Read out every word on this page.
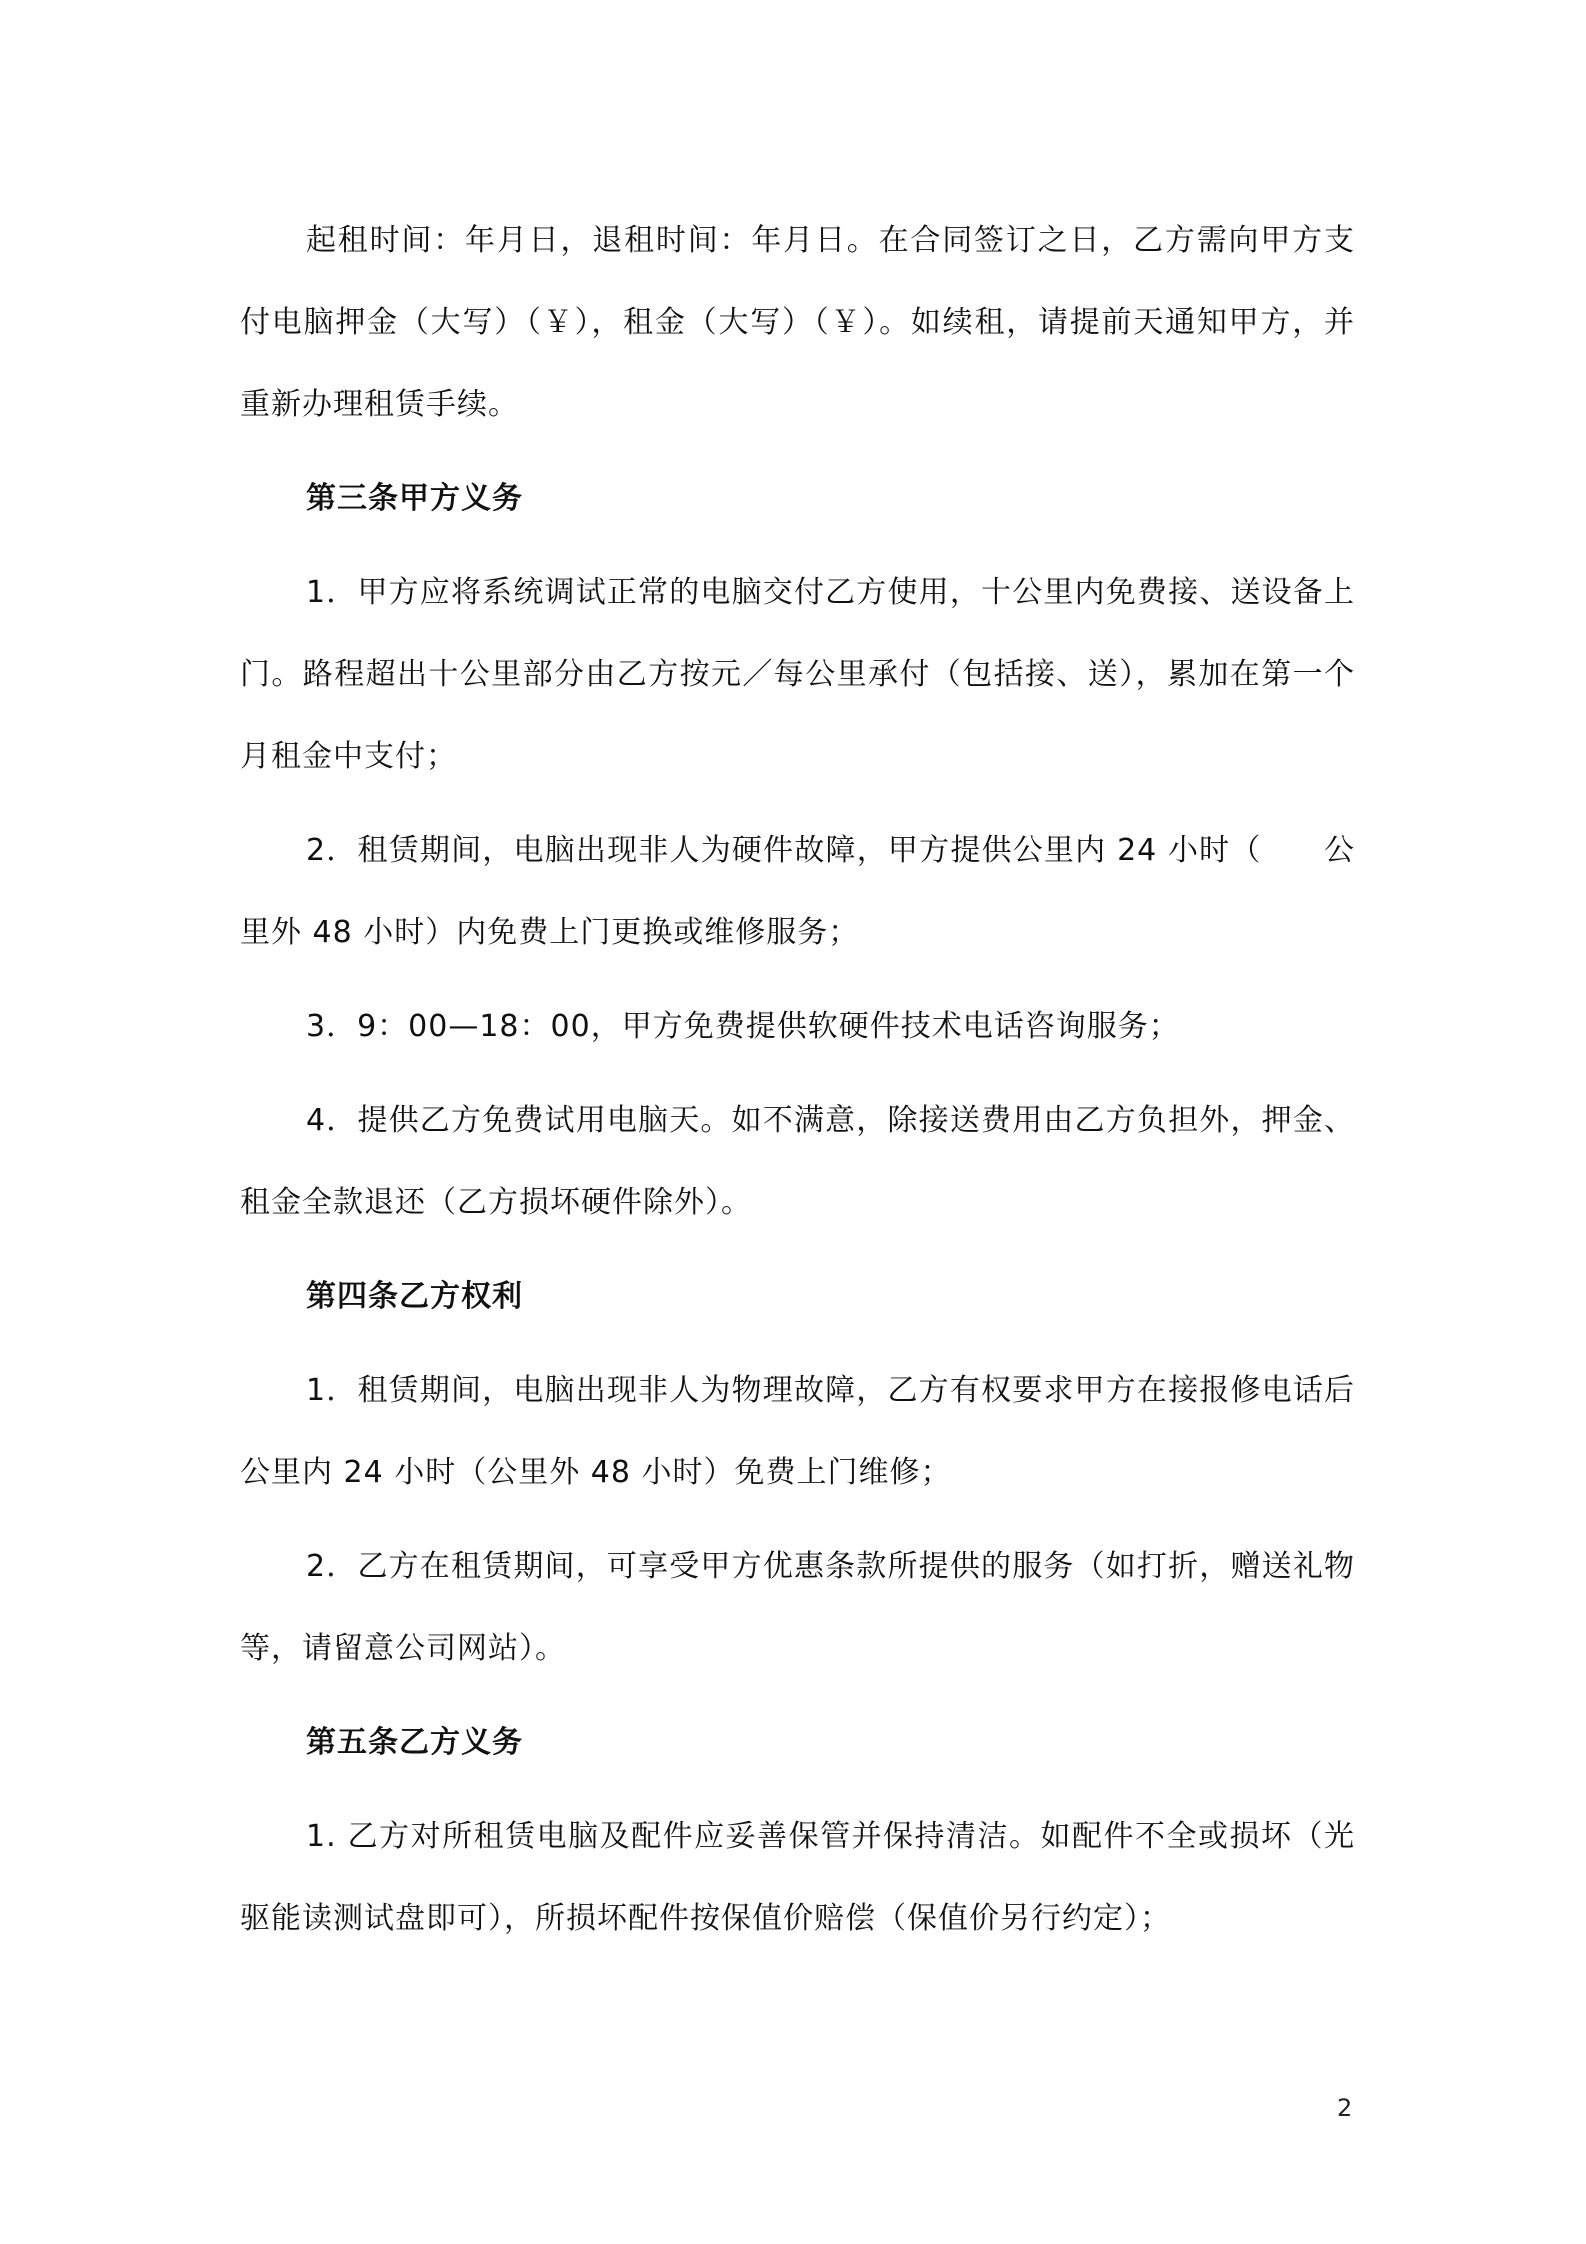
起租时间：年月日，退租时间：年月日。在合同签订之日，乙方需向甲方支付电脑押金（大写）（￥），租金（大写）（￥）。如续租，请提前天通知甲方，并重新办理租赁手续。

第三条甲方义务

1．甲方应将系统调试正常的电脑交付乙方使用，十公里内免费接、送设备上门。路程超出十公里部分由乙方按元／每公里承付（包括接、送），累加在第一个月租金中支付；

2．租赁期间，电脑出现非人为硬件故障，甲方提供公里内 24 小时（　　公里外 48 小时）内免费上门更换或维修服务；

3．9：00—18：00，甲方免费提供软硬件技术电话咨询服务；

4．提供乙方免费试用电脑天。如不满意，除接送费用由乙方负担外，押金、租金全款退还（乙方损坏硬件除外）。

第四条乙方权利

1．租赁期间，电脑出现非人为物理故障，乙方有权要求甲方在接报修电话后公里内 24 小时（公里外 48 小时）免费上门维修；

2．乙方在租赁期间，可享受甲方优惠条款所提供的服务（如打折，赠送礼物等，请留意公司网站）。

第五条乙方义务

1. 乙方对所租赁电脑及配件应妥善保管并保持清洁。如配件不全或损坏（光驱能读测试盘即可），所损坏配件按保值价赔偿（保值价另行约定）；

2
